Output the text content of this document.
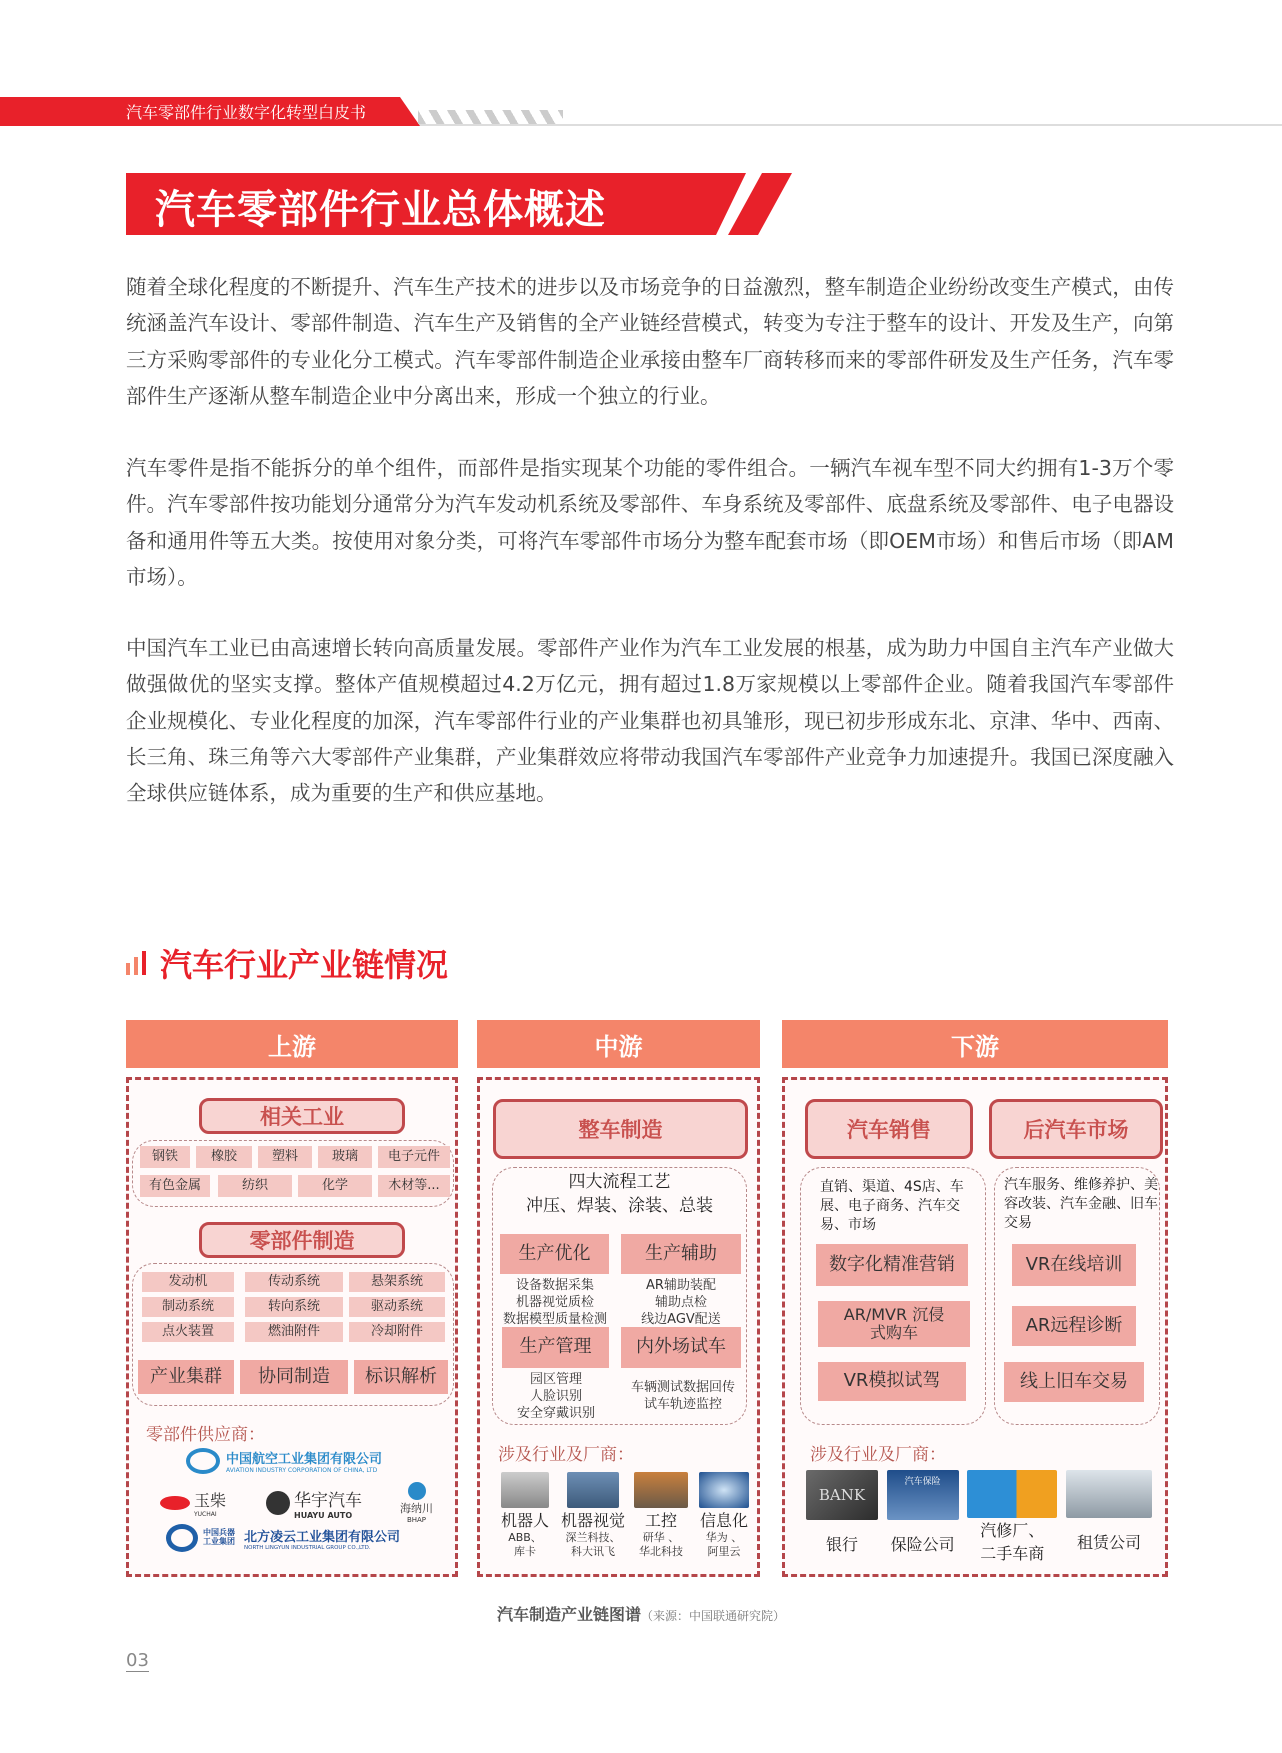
汽车零部件行业数字化转型白皮书
汽车零部件行业总体概述

随着全球化程度的不断提升、汽车生产技术的进步以及市场竞争的日益激烈，整车制造企业纷纷改变生产模式，由传统涵盖汽车设计、零部件制造、汽车生产及销售的全产业链经营模式，转变为专注于整车的设计、开发及生产，向第三方采购零部件的专业化分工模式。汽车零部件制造企业承接由整车厂商转移而来的零部件研发及生产任务，汽车零部件生产逐渐从整车制造企业中分离出来，形成一个独立的行业。

汽车零件是指不能拆分的单个组件，而部件是指实现某个功能的零件组合。一辆汽车视车型不同大约拥有1-3万个零件。汽车零部件按功能划分通常分为汽车发动机系统及零部件、车身系统及零部件、底盘系统及零部件、电子电器设备和通用件等五大类。按使用对象分类，可将汽车零部件市场分为整车配套市场（即OEM市场）和售后市场（即AM市场）。

中国汽车工业已由高速增长转向高质量发展。零部件产业作为汽车工业发展的根基，成为助力中国自主汽车产业做大做强做优的坚实支撑。整体产值规模超过4.2万亿元，拥有超过1.8万家规模以上零部件企业。随着我国汽车零部件企业规模化、专业化程度的加深，汽车零部件行业的产业集群也初具雏形，现已初步形成东北、京津、华中、西南、长三角、珠三角等六大零部件产业集群，产业集群效应将带动我国汽车零部件产业竞争力加速提升。我国已深度融入全球供应链体系，成为重要的生产和供应基地。

汽车行业产业链情况
上游	中游	下游
相关工业
钢铁	橡胶	塑料	玻璃	电子元件
有色金属	纺织	化学	木材等...
零部件制造
发动机	传动系统	悬架系统
制动系统	转向系统	驱动系统
点火装置	燃油附件	冷却附件
产业集群	协同制造	标识解析
零部件供应商：
中国航空工业集团有限公司
AVIATION INDUSTRY CORPORATION OF CHINA, LTD
玉柴
YUCHAI
华宇汽车
HUAYU AUTO
海纳川
BHAP
中国兵器工业集团 北方凌云工业集团有限公司
NORTH LINGYUN INDUSTRIAL GROUP CO.,LTD.
整车制造
四大流程工艺
冲压、焊装、涂装、总装
生产优化	生产辅助
设备数据采集
机器视觉质检
数据模型质量检测
AR辅助装配
辅助点检
线边AGV配送
生产管理	内外场试车
园区管理
人脸识别
安全穿戴识别
车辆测试数据回传
试车轨迹监控
涉及行业及厂商：
机器人
ABB、
库卡
机器视觉
深兰科技、
科大讯飞
工控
研华 、
华北科技
信息化
华为 、
阿里云
汽车销售	后汽车市场
直销、渠道、4S店、车展、电子商务、汽车交易、市场
汽车服务、维修养护、美容改装、汽车金融、旧车交易
数字化精准营销
AR/MVR 沉侵式购车
VR模拟试驾
VR在线培训
AR远程诊断
线上旧车交易
涉及行业及厂商：
BANK
银行
汽车保险
保险公司
汽修厂、二手车商
租赁公司
汽车制造产业链图谱（来源：中国联通研究院）
03
